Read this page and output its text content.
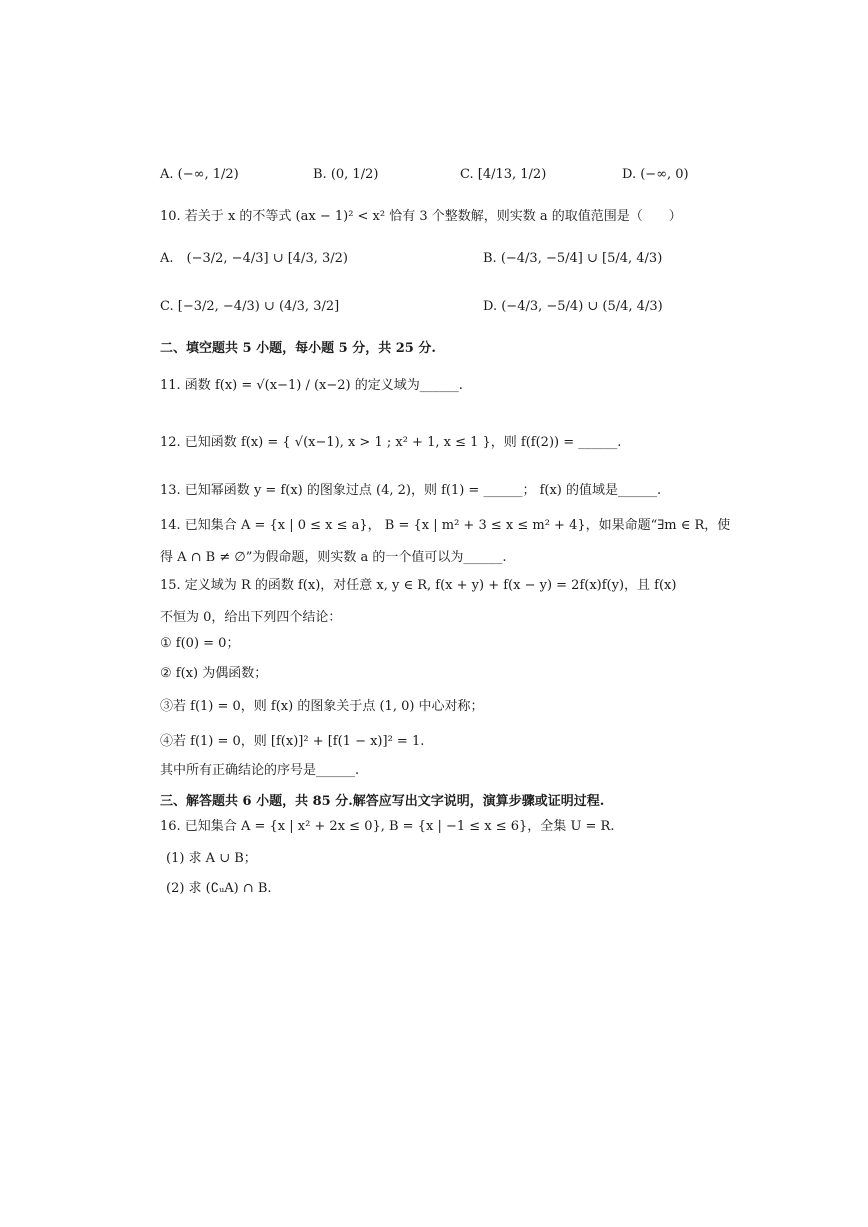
A. (−∞, 1/2)	B. (0, 1/2)	C. [4/13, 1/2)	D. (−∞, 0)
10. 若关于 x 的不等式 (ax − 1)² < x² 恰有 3 个整数解，则实数 a 的取值范围是（　　）
A.　(−3/2, −4/3] ∪ [4/3, 3/2)	B. (−4/3, −5/4] ∪ [5/4, 4/3)
C. [−3/2, −4/3) ∪ (4/3, 3/2]	D. (−4/3, −5/4) ∪ (5/4, 4/3)
二、填空题共 5 小题，每小题 5 分，共 25 分.
11. 函数 f(x) = √(x−1) / (x−2) 的定义域为______.
12. 已知函数 f(x) = { √(x−1), x > 1 ; x² + 1, x ≤ 1 }，则 f(f(2)) = ______.
13. 已知幂函数 y = f(x) 的图象过点 (4, 2)，则 f(1) = ______； f(x) 的值域是______.
14. 已知集合 A = {x | 0 ≤ x ≤ a}， B = {x | m² + 3 ≤ x ≤ m² + 4}，如果命题“∃m ∈ R，使
得 A ∩ B ≠ ∅”为假命题，则实数 a 的一个值可以为______.
15. 定义域为 R 的函数 f(x)，对任意 x, y ∈ R, f(x + y) + f(x − y) = 2f(x)f(y)，且 f(x)
不恒为 0，给出下列四个结论：
① f(0) = 0；
② f(x) 为偶函数；
③若 f(1) = 0，则 f(x) 的图象关于点 (1, 0) 中心对称；
④若 f(1) = 0，则 [f(x)]² + [f(1 − x)]² = 1.
其中所有正确结论的序号是______.
三、解答题共 6 小题，共 85 分.解答应写出文字说明，演算步骤或证明过程.
16. 已知集合 A = {x | x² + 2x ≤ 0}, B = {x | −1 ≤ x ≤ 6}，全集 U = R.
(1) 求 A ∪ B；
(2) 求 (∁ᵤA) ∩ B.
